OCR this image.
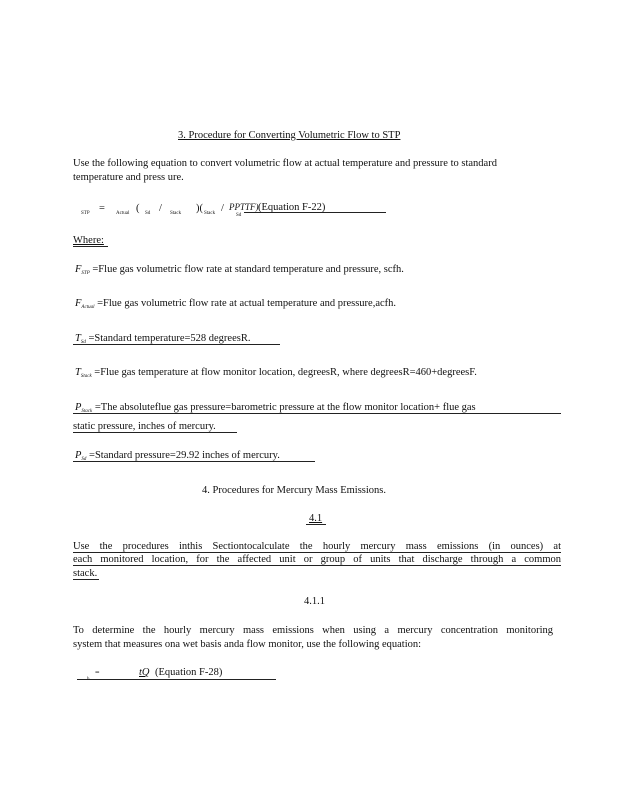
3. Procedure for Converting Volumetric Flow to STP
Use the following equation to convert volumetric flow at actual temperature and pressure to standard
temperature and press ure.
STP = Actual ( Sd / Stack )( Stack / PP
Sd
TTF) (Equation F-22)
Where:
$F_{STP}$ =Flue gas volumetric flow rate at standard temperature and pressure, scfh.
$F_{Actual}$ =Flue gas volumetric flow rate at actual temperature and pressure,acfh.
$T_{Sd}$ =Standard temperature=528 degreesR.
$T_{Stack}$ =Flue gas temperature at flow monitor location, degreesR, where degreesR=460+degreesF.
$P_{Stack} =The$ absoluteflue gas pressure=barometric pressure at the flow monitor location+ flue gas
static pressure, inches of mercury.
$P_{Sd}$ =Standard pressure=29.92 inches of mercury.
4. Procedures for Mercury Mass Emissions.
4.1
Use the procedures inthis Sectiontocalculate the hourly mercury mass emissions (in ounces) at
each monitored location, for the affected unit or group of units that discharge through a common
stack.
4.1.1
To determine the hourly mercury mass emissions when using a mercury concentration monitoring
system that measures ona wet basis anda flow monitor, use the following equation:
h
=	tQ (Equation F-28)
